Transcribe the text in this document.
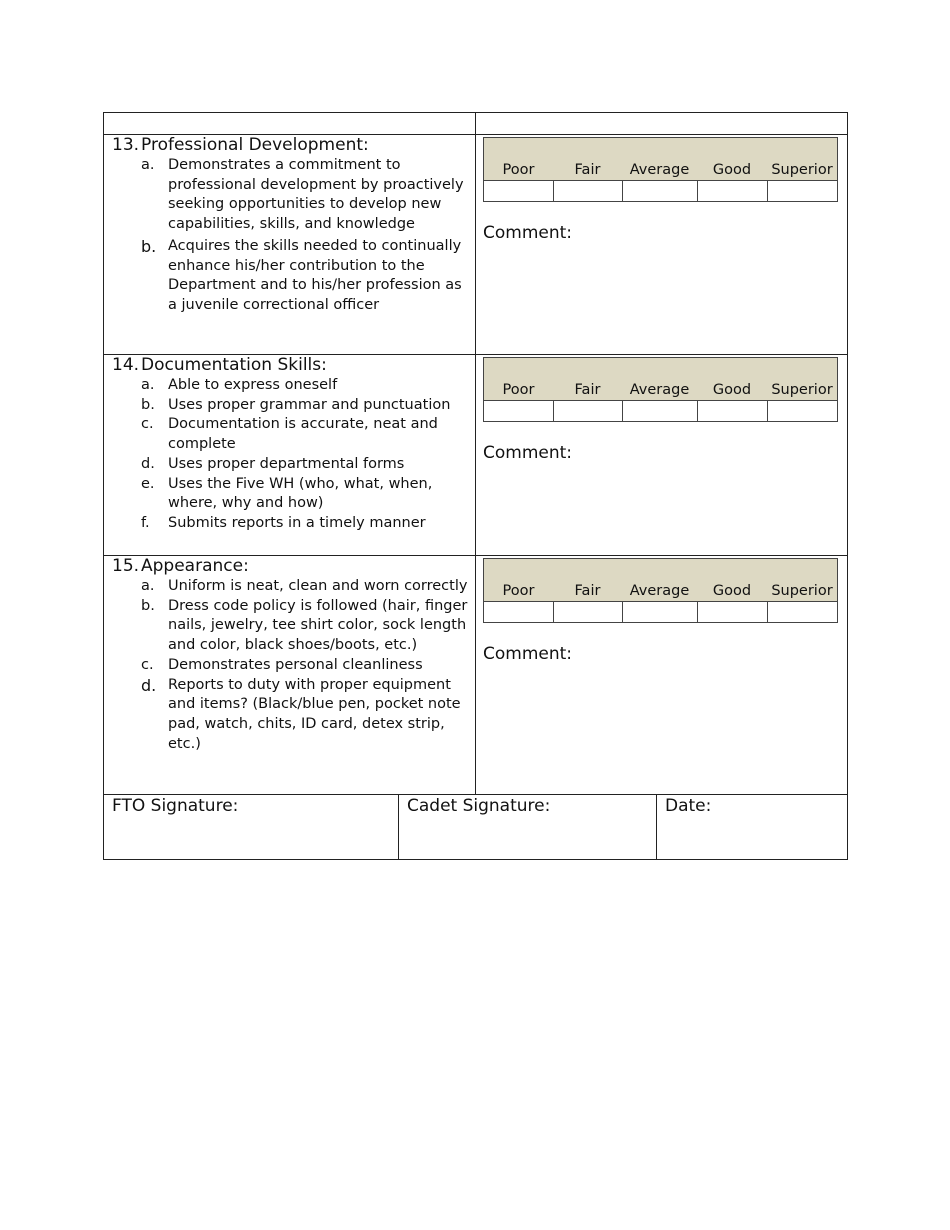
13. Professional Development:
a. Demonstrates a commitment to professional development by proactively seeking opportunities to develop new capabilities, skills, and knowledge
b. Acquires the skills needed to continually enhance his/her contribution to the Department and to his/her profession as a juvenile correctional officer

Poor	Fair	Average	Good	Superior

Comment:

14. Documentation Skills:
a. Able to express oneself
b. Uses proper grammar and punctuation
c. Documentation is accurate, neat and complete
d. Uses proper departmental forms
e. Uses the Five WH (who, what, when, where, why and how)
f.	Submits reports in a timely manner

Poor	Fair	Average	Good	Superior

Comment:

15. Appearance:
a. Uniform is neat, clean and worn correctly
b. Dress code policy is followed (hair, finger nails, jewelry, tee shirt color, sock length and color, black shoes/boots, etc.)
c. Demonstrates personal cleanliness
d. Reports to duty with proper equipment and items? (Black/blue pen, pocket note pad, watch, chits, ID card, detex strip, etc.)

Poor	Fair	Average	Good	Superior

Comment:
FTO Signature:	Cadet Signature:	Date:
